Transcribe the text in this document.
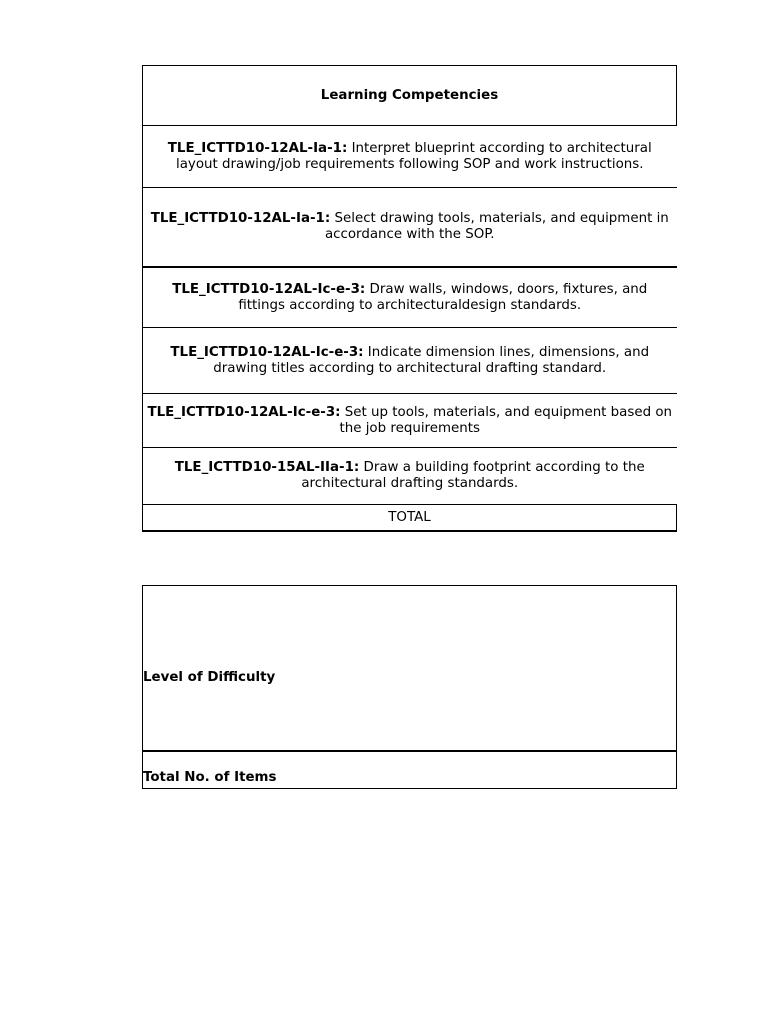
Learning Competencies
TLE_ICTTD10-12AL-Ia-1: Interpret blueprint according to architectural layout drawing/job requirements following SOP and work instructions.
TLE_ICTTD10-12AL-Ia-1: Select drawing tools, materials, and equipment in accordance with the SOP.
TLE_ICTTD10-12AL-Ic-e-3: Draw walls, windows, doors, fixtures, and fittings according to architecturaldesign standards.
TLE_ICTTD10-12AL-Ic-e-3: Indicate dimension lines, dimensions, and drawing titles according to architectural drafting standard.
TLE_ICTTD10-12AL-Ic-e-3: Set up tools, materials, and equipment based on the job requirements
TLE_ICTTD10-15AL-IIa-1: Draw a building footprint according to the architectural drafting standards.
TOTAL
Level of Difficulty
Total No. of Items
